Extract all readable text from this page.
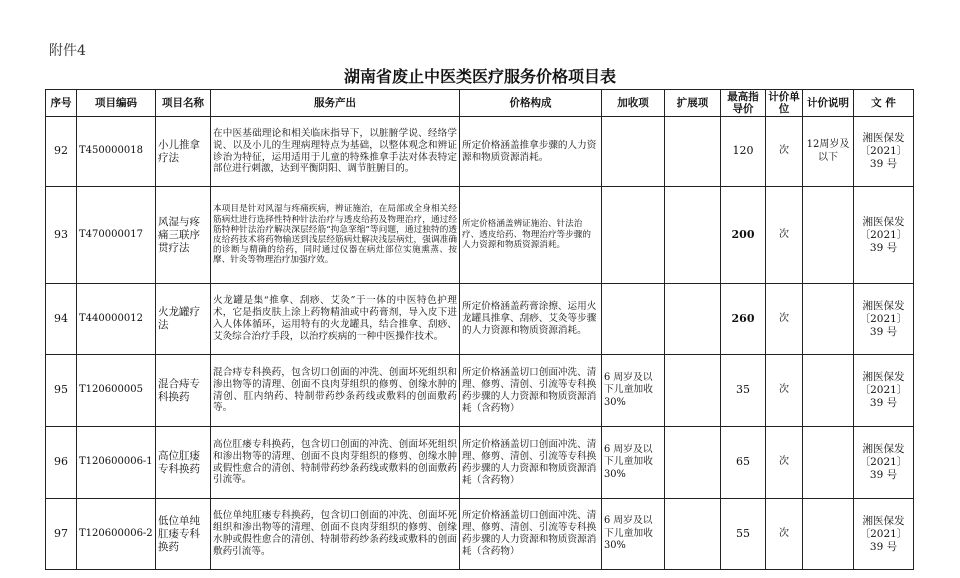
附件4
湖南省废止中医类医疗服务价格项目表
序号	项目编码	项目名称	服务产出	价格构成	加收项	扩展项	最高指导价	计价单位	计价说明	文 件
92	T450000018	小儿推拿疗法	在中医基础理论和相关临床指导下，以脏腑学说、经络学说、以及小儿的生理病理特点为基础，以整体观念和辨证诊治为特征，运用适用于儿童的特殊推拿手法对体表特定部位进行刺激，达到平衡阴阳、调节脏腑目的。	所定价格涵盖推拿步骤的人力资源和物质资源消耗。			120	次	12周岁及以下	湘医保发〔2021〕39 号
93	T470000017	风湿与疼痛三联序贯疗法	本项目是针对风湿与疼痛疾病，辨证施治，在局部或全身相关经筋病灶进行选择性特种针法治疗与透皮给药及物理治疗，通过经筋特种针法治疗解决深层经筋“拘急挛缩”等问题，通过独特的透皮给药技术将药物输送到浅层经筋病灶解决浅层病灶，强调准确的诊断与精确的给药，同时通过仪器在病灶部位实施熏蒸、按摩、针灸等物理治疗加强疗效。	所定价格涵盖辨证施治、针法治疗、透皮给药、物理治疗等步骤的人力资源和物质资源消耗。			200	次		湘医保发〔2021〕39 号
94	T440000012	火龙罐疗法	火龙罐是集“推拿、刮痧、艾灸”于一体的中医特色护理术，它是指皮肤上涂上药物精油或中药膏剂，导入皮下进入人体体循环，运用特有的火龙罐具，结合推拿、刮痧、艾灸综合治疗手段，以治疗疾病的一种中医操作技术。	所定价格涵盖药膏涂擦、运用火龙罐具推拿、刮痧、艾灸等步骤的人力资源和物质资源消耗。			260	次		湘医保发〔2021〕39 号
95	T120600005	混合痔专科换药	混合痔专科换药，包含切口创面的冲洗、创面坏死组织和渗出物等的清理、创面不良肉芽组织的修剪、创缘水肿的清创、肛内纳药、特制带药纱条药线或敷料的创面敷药等。	所定价格涵盖切口创面冲洗、清理、修剪、清创、引流等专科换药步骤的人力资源和物质资源消耗（含药物）	6 周岁及以下儿童加收 30%		35	次		湘医保发〔2021〕39 号
96	T120600006-1	高位肛瘘专科换药	高位肛瘘专科换药，包含切口创面的冲洗、创面坏死组织和渗出物等的清理、创面不良肉芽组织的修剪、创缘水肿或假性愈合的清创、特制带药纱条药线或敷料的创面敷药引流等。	所定价格涵盖切口创面冲洗、清理、修剪、清创、引流等专科换药步骤的人力资源和物质资源消耗（含药物）	6 周岁及以下儿童加收 30%		65	次		湘医保发〔2021〕39 号
97	T120600006-2	低位单纯肛瘘专科换药	低位单纯肛瘘专科换药，包含切口创面的冲洗、创面坏死组织和渗出物等的清理、创面不良肉芽组织的修剪、创缘水肿或假性愈合的清创、特制带药纱条药线或敷料的创面敷药引流等。	所定价格涵盖切口创面冲洗、清理、修剪、清创、引流等专科换药步骤的人力资源和物质资源消耗（含药物）	6 周岁及以下儿童加收 30%		55	次		湘医保发〔2021〕39 号
